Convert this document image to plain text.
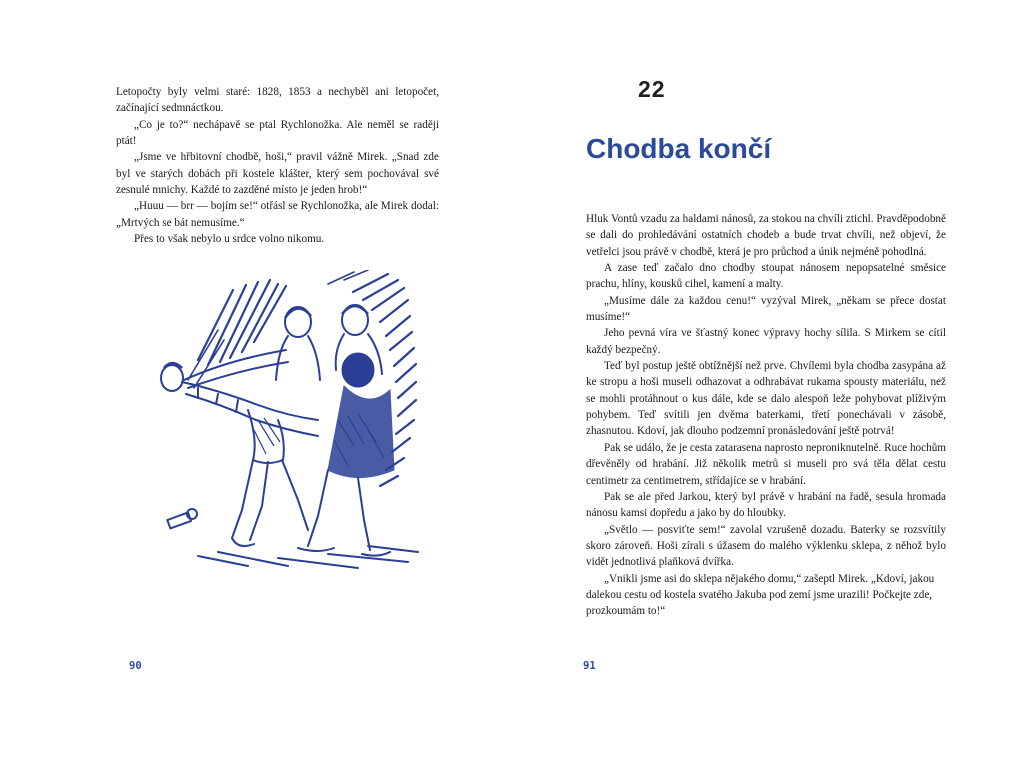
Letopočty byly velmi staré: 1828, 1853 a nechyběl ani letopočet, začínající sedmnáctkou.

„Co je to?“ nechápavě se ptal Rychlonožka. Ale neměl se raději ptát!

„Jsme ve hřbitovní chodbě, hoši,“ pravil vážně Mirek. „Snad zde byl ve starých dobách při kostele klášter, který sem pochovával své zesnulé mnichy. Každé to zazděné místo je jeden hrob!“

„Huuu — brr — bojím se!“ otřásl se Rychlonožka, ale Mirek dodal: „Mrtvých se bát nemusíme.“

Přes to však nebylo u srdce volno nikomu.

90
22
Chodba končí

Hluk Vontů vzadu za haldami nánosů, za stokou na chvíli ztichl. Pravděpodobně se dali do prohledávání ostatních chodeb a bude trvat chvíli, než objeví, že vetřelci jsou právě v chodbě, která je pro průchod a únik nejméně pohodlná.

A zase teď začalo dno chodby stoupat nánosem nepopsatelné směsice prachu, hlíny, kousků cihel, kamení a malty.

„Musíme dále za každou cenu!“ vyzýval Mirek, „někam se přece dostat musíme!“

Jeho pevná víra ve šťastný konec výpravy hochy sílila. S Mirkem se cítil každý bezpečný.

Teď byl postup ještě obtížnější než prve. Chvílemi byla chodba zasypána až ke stropu a hoši museli odhazovat a odhrabávat rukama spousty materiálu, než se mohli protáhnout o kus dále, kde se dalo alespoň leže pohybovat plíživým pohybem. Teď svítili jen dvěma baterkami, třetí ponechávali v zásobě, zhasnutou. Kdoví, jak dlouho podzemní pronásledování ještě potrvá!

Pak se událo, že je cesta zatarasena naprosto neproniknutelně. Ruce hochům dřevěněly od hrabání. Již několik metrů si museli pro svá těla dělat cestu centimetr za centimetrem, střídajíce se v hrabání.

Pak se ale před Jarkou, který byl právě v hrabání na řadě, sesula hromada nánosu kamsi dopředu a jako by do hloubky.

„Světlo — posviťte sem!“ zavolal vzrušeně dozadu. Baterky se rozsvítily skoro zároveň. Hoši zírali s úžasem do malého výklenku sklepa, z něhož bylo vidět jednotlivá plaňková dvířka.

„Vnikli jsme asi do sklepa nějakého domu,“ zašeptl Mirek. „Kdoví, jakou dalekou cestu od kostela svatého Jakuba pod zemí jsme urazili! Počkejte zde, prozkoumám to!“

91
